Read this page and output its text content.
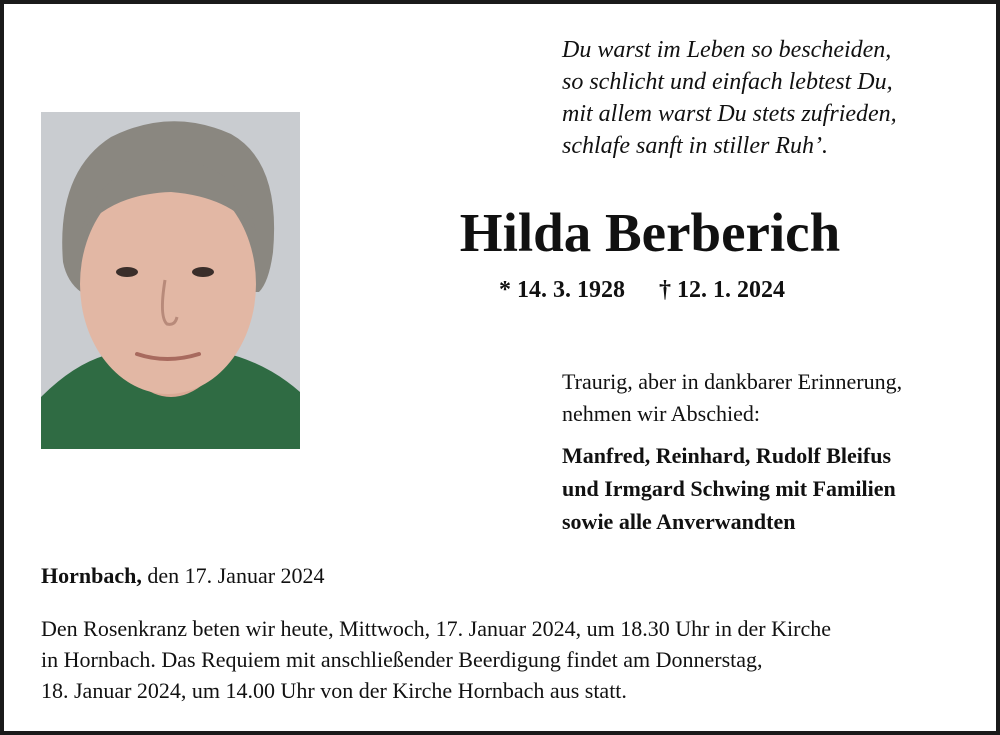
Du warst im Leben so bescheiden,
so schlicht und einfach lebtest Du,
mit allem warst Du stets zufrieden,
schlafe sanft in stiller Ruh’.
Hilda Berberich
* 14. 3. 1928 † 12. 1. 2024
Traurig, aber in dankbarer Erinnerung,
nehmen wir Abschied:
Manfred, Reinhard, Rudolf Bleifus
und Irmgard Schwing mit Familien
sowie alle Anverwandten
Hornbach, den 17. Januar 2024
Den Rosenkranz beten wir heute, Mittwoch, 17. Januar 2024, um 18.30 Uhr in der Kirche
in Hornbach. Das Requiem mit anschließender Beerdigung findet am Donnerstag,
18. Januar 2024, um 14.00 Uhr von der Kirche Hornbach aus statt.
